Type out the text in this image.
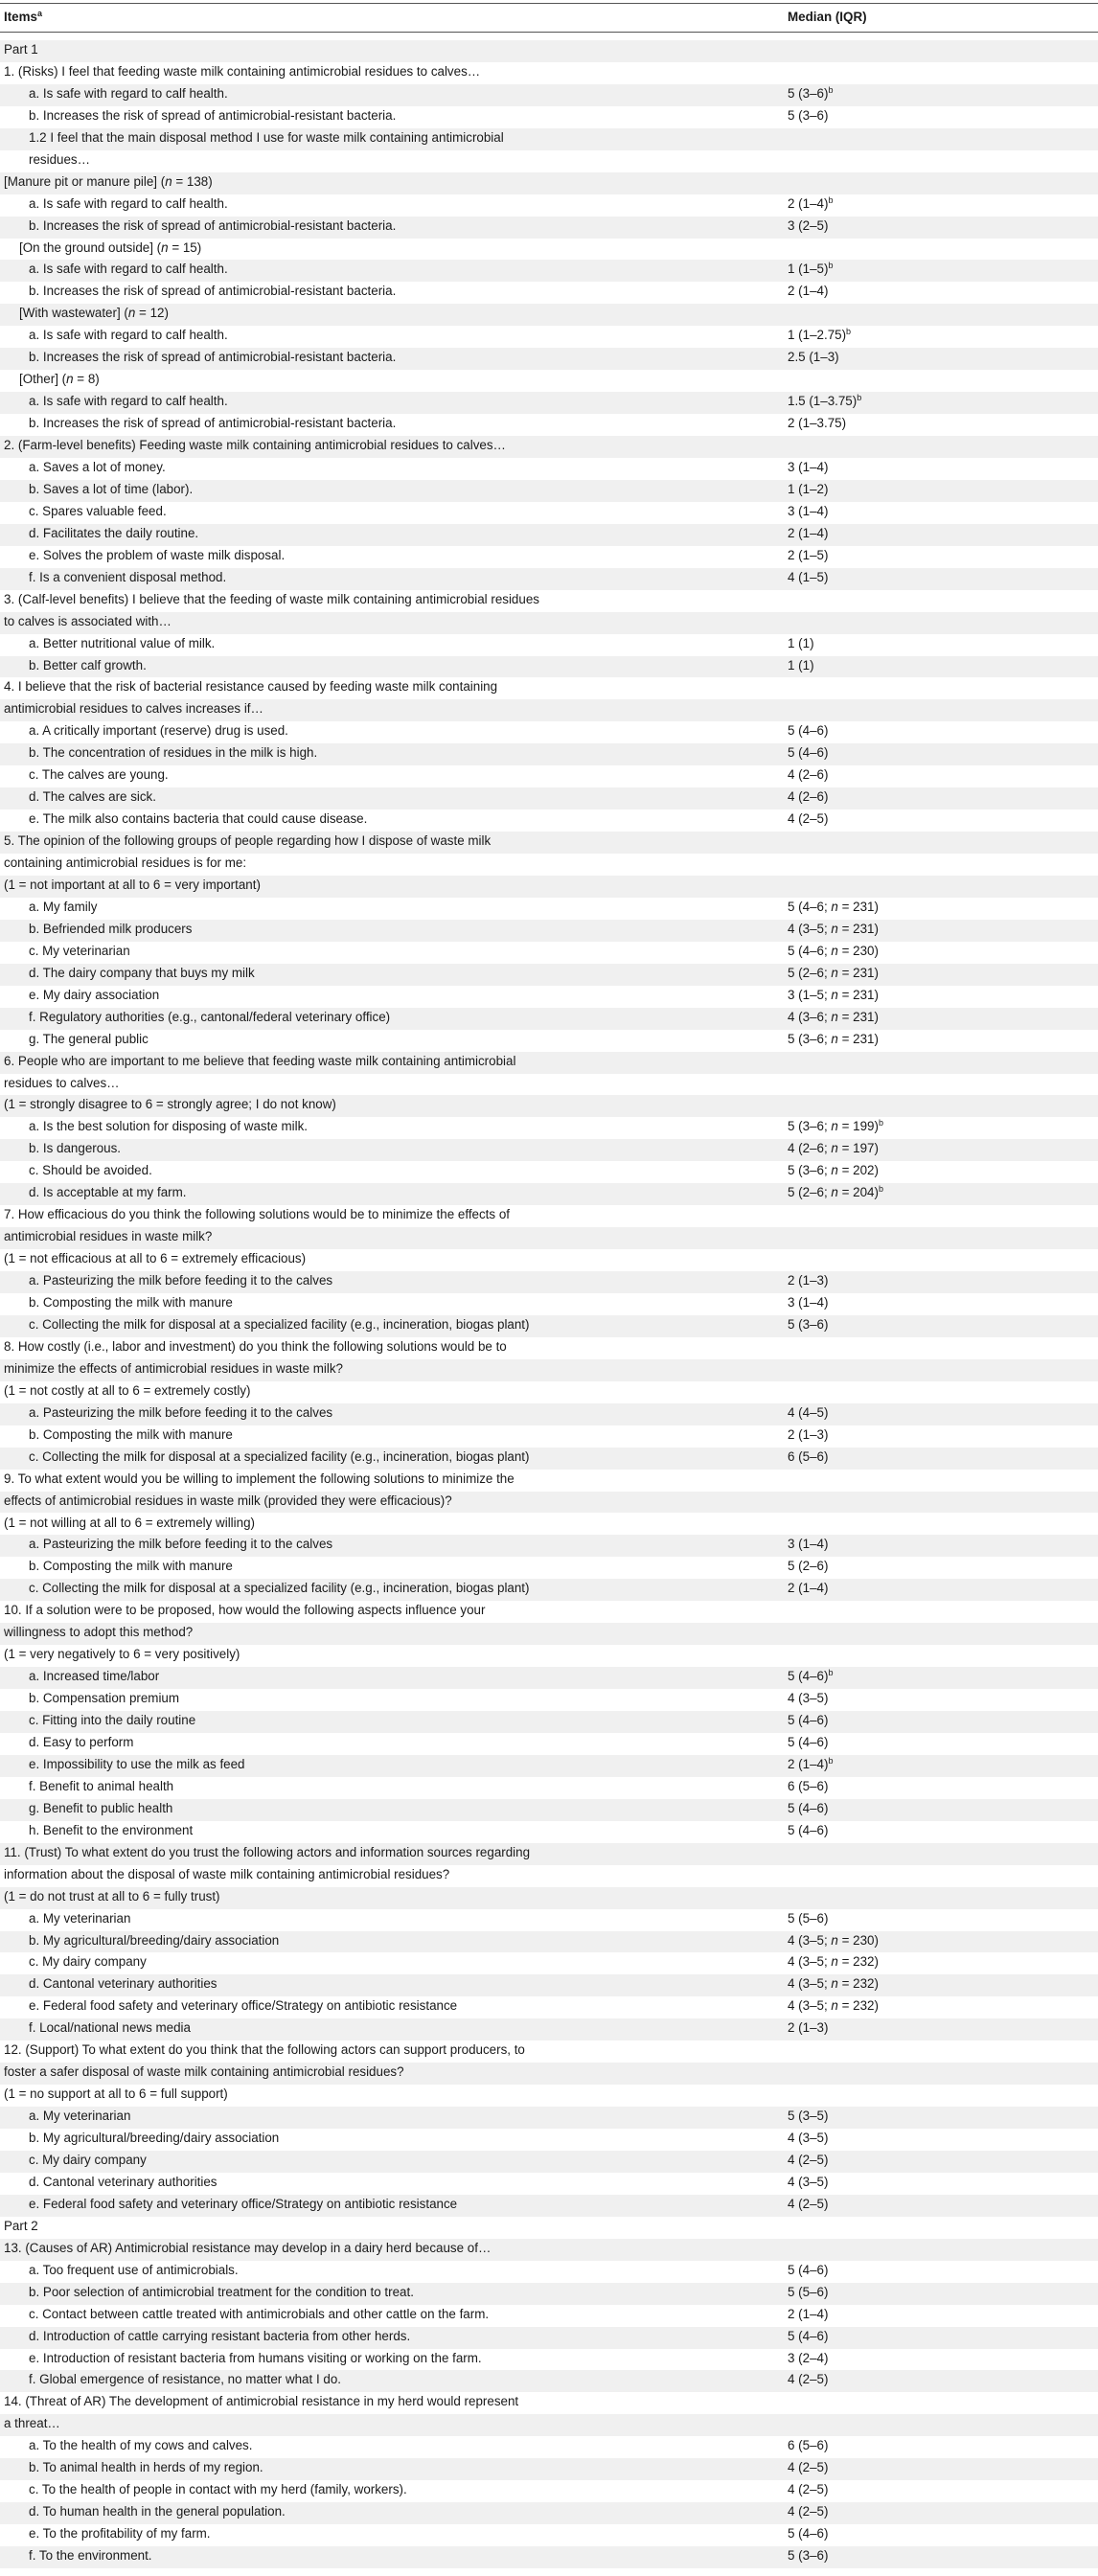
Items$^a$	Median (IQR)
Part 1
1. (Risks) I feel that feeding waste milk containing antimicrobial residues to calves…
a. Is safe with regard to calf health.	5 $(3-6)^b$
b. Increases the risk of spread of antimicrobial-resistant bacteria.	5 (3–6)
1.2 I feel that the main disposal method I use for waste milk containing antimicrobial
residues…
[Manure pit or manure pile] (n = 138)
a. Is safe with regard to calf health.	2 $(1-4)^b$
b. Increases the risk of spread of antimicrobial-resistant bacteria.	3 (2–5)
[On the ground outside] (n = 15)
a. Is safe with regard to calf health.	1 $(1-5)^b$
b. Increases the risk of spread of antimicrobial-resistant bacteria.	2 (1–4)
[With wastewater] (n = 12)
a. Is safe with regard to calf health.	1 $(1-2.75)^b$
b. Increases the risk of spread of antimicrobial-resistant bacteria.	2.5 (1–3)
[Other] (n = 8)
a. Is safe with regard to calf health.	1.5 $(1-3.75)^b$
b. Increases the risk of spread of antimicrobial-resistant bacteria.	2 (1–3.75)
2. (Farm-level benefits) Feeding waste milk containing antimicrobial residues to calves…
a. Saves a lot of money.	3 (1–4)
b. Saves a lot of time (labor).	1 (1–2)
c. Spares valuable feed.	3 (1–4)
d. Facilitates the daily routine.	2 (1–4)
e. Solves the problem of waste milk disposal.	2 (1–5)
f. Is a convenient disposal method.	4 (1–5)
3. (Calf-level benefits) I believe that the feeding of waste milk containing antimicrobial residues
to calves is associated with…
a. Better nutritional value of milk.	1 (1)
b. Better calf growth.	1 (1)
4. I believe that the risk of bacterial resistance caused by feeding waste milk containing
antimicrobial residues to calves increases if…
a. A critically important (reserve) drug is used.	5 (4–6)
b. The concentration of residues in the milk is high.	5 (4–6)
c. The calves are young.	4 (2–6)
d. The calves are sick.	4 (2–6)
e. The milk also contains bacteria that could cause disease.	4 (2–5)
5. The opinion of the following groups of people regarding how I dispose of waste milk
containing antimicrobial residues is for me:
(1 = not important at all to 6 = very important)
a. My family	5 (4–6; n = 231)
b. Befriended milk producers	4 (3–5; n = 231)
c. My veterinarian	5 (4–6; n = 230)
d. The dairy company that buys my milk	5 (2–6; n = 231)
e. My dairy association	3 (1–5; n = 231)
f. Regulatory authorities (e.g., cantonal/federal veterinary office)	4 (3–6; n = 231)
g. The general public	5 (3–6; n = 231)
6. People who are important to me believe that feeding waste milk containing antimicrobial
residues to calves…
(1 = strongly disagree to 6 = strongly agree; I do not know)
a. Is the best solution for disposing of waste milk.	5 (3–6; n = 199)$^b$
b. Is dangerous.	4 (2–6; n = 197)
c. Should be avoided.	5 (3–6; n = 202)
d. Is acceptable at my farm.	5 (2–6; n = 204)$^b$
7. How efficacious do you think the following solutions would be to minimize the effects of
antimicrobial residues in waste milk?
(1 = not efficacious at all to 6 = extremely efficacious)
a. Pasteurizing the milk before feeding it to the calves	2 (1–3)
b. Composting the milk with manure	3 (1–4)
c. Collecting the milk for disposal at a specialized facility (e.g., incineration, biogas plant)	5 (3–6)
8. How costly (i.e., labor and investment) do you think the following solutions would be to
minimize the effects of antimicrobial residues in waste milk?
(1 = not costly at all to 6 = extremely costly)
a. Pasteurizing the milk before feeding it to the calves	4 (4–5)
b. Composting the milk with manure	2 (1–3)
c. Collecting the milk for disposal at a specialized facility (e.g., incineration, biogas plant)	6 (5–6)
9. To what extent would you be willing to implement the following solutions to minimize the
effects of antimicrobial residues in waste milk (provided they were efficacious)?
(1 = not willing at all to 6 = extremely willing)
a. Pasteurizing the milk before feeding it to the calves	3 (1–4)
b. Composting the milk with manure	5 (2–6)
c. Collecting the milk for disposal at a specialized facility (e.g., incineration, biogas plant)	2 (1–4)
10. If a solution were to be proposed, how would the following aspects influence your
willingness to adopt this method?
(1 = very negatively to 6 = very positively)
a. Increased time/labor	5 $(4-6)^b$
b. Compensation premium	4 (3–5)
c. Fitting into the daily routine	5 (4–6)
d. Easy to perform	5 (4–6)
e. Impossibility to use the milk as feed	2 $(1-4)^b$
f. Benefit to animal health	6 (5–6)
g. Benefit to public health	5 (4–6)
h. Benefit to the environment	5 (4–6)
11. (Trust) To what extent do you trust the following actors and information sources regarding
information about the disposal of waste milk containing antimicrobial residues?
(1 = do not trust at all to 6 = fully trust)
a. My veterinarian	5 (5–6)
b. My agricultural/breeding/dairy association	4 (3–5; n = 230)
c. My dairy company	4 (3–5; n = 232)
d. Cantonal veterinary authorities	4 (3–5; n = 232)
e. Federal food safety and veterinary office/Strategy on antibiotic resistance	4 (3–5; n = 232)
f. Local/national news media	2 (1–3)
12. (Support) To what extent do you think that the following actors can support producers, to
foster a safer disposal of waste milk containing antimicrobial residues?
(1 = no support at all to 6 = full support)
a. My veterinarian	5 (3–5)
b. My agricultural/breeding/dairy association	4 (3–5)
c. My dairy company	4 (2–5)
d. Cantonal veterinary authorities	4 (3–5)
e. Federal food safety and veterinary office/Strategy on antibiotic resistance	4 (2–5)
Part 2
13. (Causes of AR) Antimicrobial resistance may develop in a dairy herd because of…
a. Too frequent use of antimicrobials.	5 (4–6)
b. Poor selection of antimicrobial treatment for the condition to treat.	5 (5–6)
c. Contact between cattle treated with antimicrobials and other cattle on the farm.	2 (1–4)
d. Introduction of cattle carrying resistant bacteria from other herds.	5 (4–6)
e. Introduction of resistant bacteria from humans visiting or working on the farm.	3 (2–4)
f. Global emergence of resistance, no matter what I do.	4 (2–5)
14. (Threat of AR) The development of antimicrobial resistance in my herd would represent
a threat…
a. To the health of my cows and calves.	6 (5–6)
b. To animal health in herds of my region.	4 (2–5)
c. To the health of people in contact with my herd (family, workers).	4 (2–5)
d. To human health in the general population.	4 (2–5)
e. To the profitability of my farm.	5 (4–6)
f. To the environment.	5 (3–6)
